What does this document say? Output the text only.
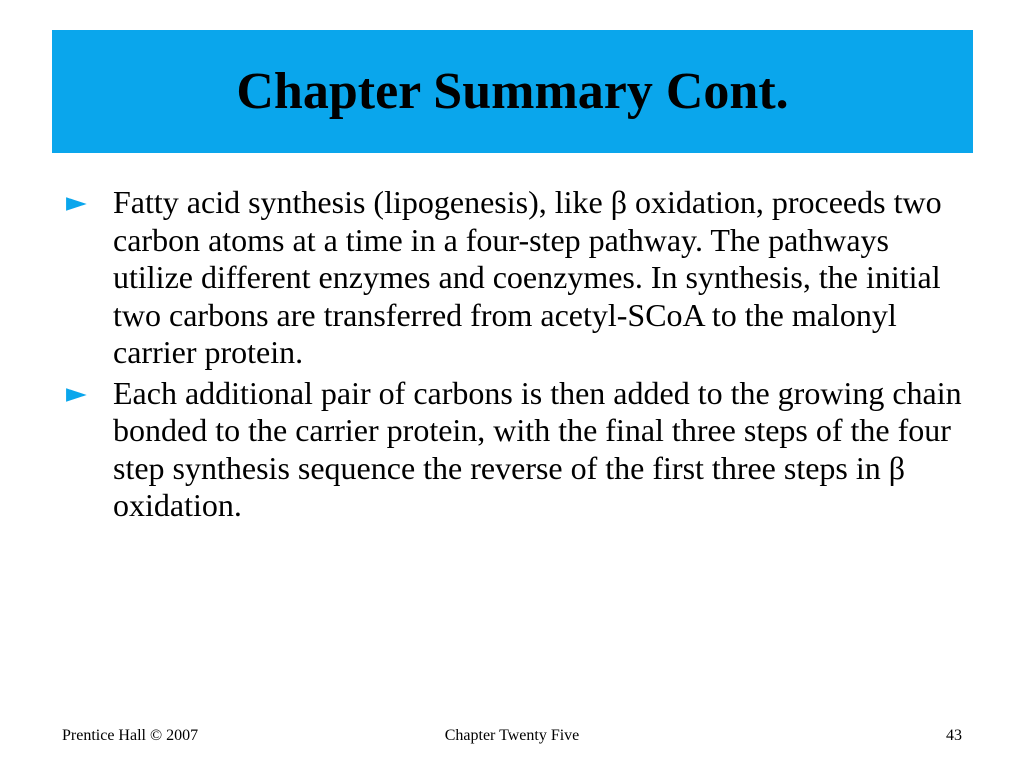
Chapter Summary Cont.
► Fatty acid synthesis (lipogenesis), like β oxidation, proceeds two carbon atoms at a time in a four-step pathway. The pathways utilize different enzymes and coenzymes. In synthesis, the initial two carbons are transferred from acetyl-SCoA to the malonyl carrier protein.
► Each additional pair of carbons is then added to the growing chain bonded to the carrier protein, with the final three steps of the four step synthesis sequence the reverse of the first three steps in β oxidation.
Prentice Hall © 2007	Chapter Twenty Five	43
